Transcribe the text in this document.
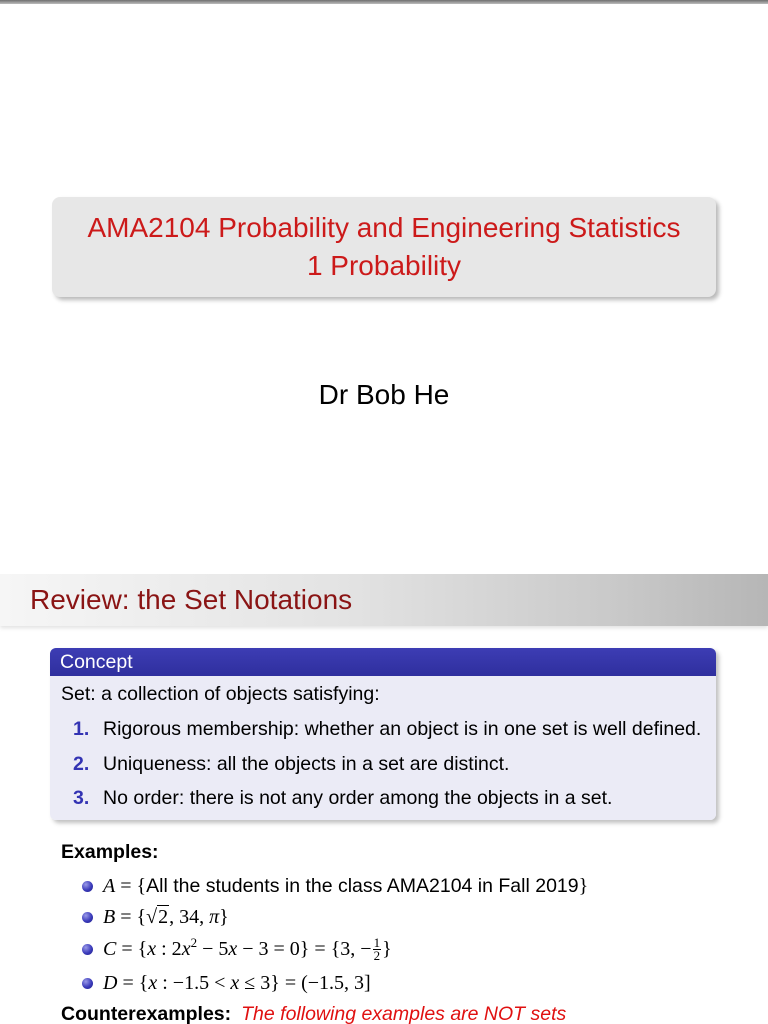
AMA2104 Probability and Engineering Statistics
1 Probability
Dr Bob He
Review: the Set Notations
Concept
Set: a collection of objects satisfying:
1. Rigorous membership: whether an object is in one set is well defined.
2. Uniqueness: all the objects in a set are distinct.
3. No order: there is not any order among the objects in a set.
Examples:
A = {All the students in the class AMA2104 in Fall 2019}
B = {√2, 34, π}
C = {x : $2x^2 - 5x - 3 = 0\} = \{3$, − $\frac{1}{2}$ }
D = {x : −1.5 < x ≤ 3} = (−1.5, 3]
Counterexamples: The following examples are NOT sets
